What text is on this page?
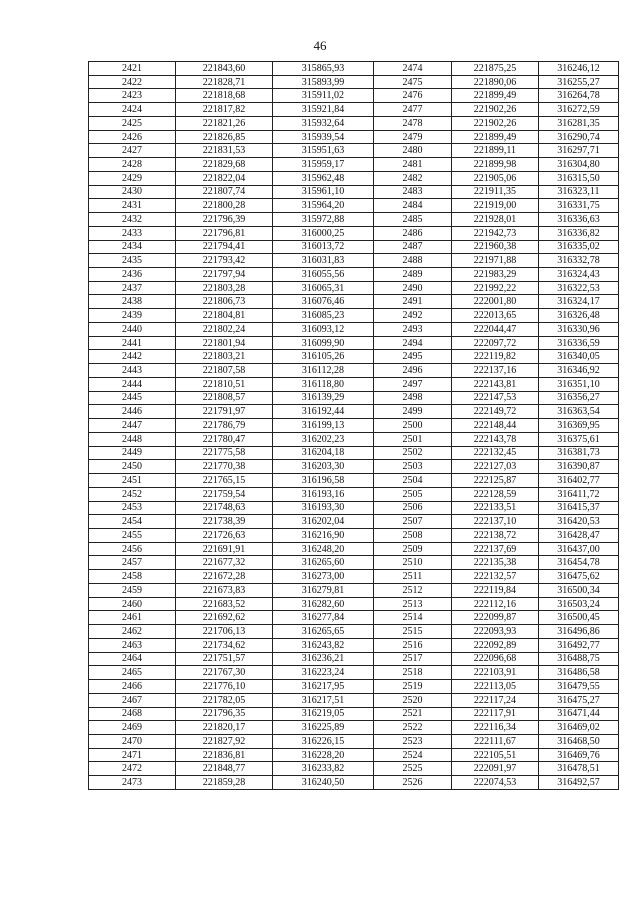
46
2421	221843,60	315865,93	2474	221875,25	316246,12
2422	221828,71	315893,99	2475	221890,06	316255,27
2423	221818,68	315911,02	2476	221899,49	316264,78
2424	221817,82	315921,84	2477	221902,26	316272,59
2425	221821,26	315932,64	2478	221902,26	316281,35
2426	221826,85	315939,54	2479	221899,49	316290,74
2427	221831,53	315951,63	2480	221899,11	316297,71
2428	221829,68	315959,17	2481	221899,98	316304,80
2429	221822,04	315962,48	2482	221905,06	316315,50
2430	221807,74	315961,10	2483	221911,35	316323,11
2431	221800,28	315964,20	2484	221919,00	316331,75
2432	221796,39	315972,88	2485	221928,01	316336,63
2433	221796,81	316000,25	2486	221942,73	316336,82
2434	221794,41	316013,72	2487	221960,38	316335,02
2435	221793,42	316031,83	2488	221971,88	316332,78
2436	221797,94	316055,56	2489	221983,29	316324,43
2437	221803,28	316065,31	2490	221992,22	316322,53
2438	221806,73	316076,46	2491	222001,80	316324,17
2439	221804,81	316085,23	2492	222013,65	316326,48
2440	221802,24	316093,12	2493	222044,47	316330,96
2441	221801,94	316099,90	2494	222097,72	316336,59
2442	221803,21	316105,26	2495	222119,82	316340,05
2443	221807,58	316112,28	2496	222137,16	316346,92
2444	221810,51	316118,80	2497	222143,81	316351,10
2445	221808,57	316139,29	2498	222147,53	316356,27
2446	221791,97	316192,44	2499	222149,72	316363,54
2447	221786,79	316199,13	2500	222148,44	316369,95
2448	221780,47	316202,23	2501	222143,78	316375,61
2449	221775,58	316204,18	2502	222132,45	316381,73
2450	221770,38	316203,30	2503	222127,03	316390,87
2451	221765,15	316196,58	2504	222125,87	316402,77
2452	221759,54	316193,16	2505	222128,59	316411,72
2453	221748,63	316193,30	2506	222133,51	316415,37
2454	221738,39	316202,04	2507	222137,10	316420,53
2455	221726,63	316216,90	2508	222138,72	316428,47
2456	221691,91	316248,20	2509	222137,69	316437,00
2457	221677,32	316265,60	2510	222135,38	316454,78
2458	221672,28	316273,00	2511	222132,57	316475,62
2459	221673,83	316279,81	2512	222119,84	316500,34
2460	221683,52	316282,60	2513	222112,16	316503,24
2461	221692,62	316277,84	2514	222099,87	316500,45
2462	221706,13	316265,65	2515	222093,93	316496,86
2463	221734,62	316243,82	2516	222092,89	316492,77
2464	221751,57	316236,21	2517	222096,68	316488,75
2465	221767,30	316223,24	2518	222103,91	316486,58
2466	221776,10	316217,95	2519	222113,05	316479,55
2467	221782,05	316217,51	2520	222117,24	316475,27
2468	221796,35	316219,05	2521	222117,91	316471,44
2469	221820,17	316225,89	2522	222116,34	316469,02
2470	221827,92	316226,15	2523	222111,67	316468,50
2471	221836,81	316228,20	2524	222105,51	316469,76
2472	221848,77	316233,82	2525	222091,97	316478,51
2473	221859,28	316240,50	2526	222074,53	316492,57
